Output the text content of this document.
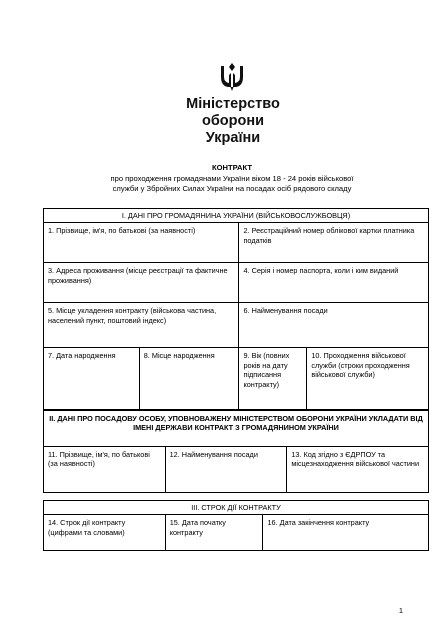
Міністерство
оборони
України
КОНТРАКТ
про проходження громадянами України віком 18 - 24 років військової
служби у Збройних Силах України на посадах осіб рядового складу
І. ДАНІ ПРО ГРОМАДЯНИНА УКРАЇНИ (ВІЙСЬКОВОСЛУЖБОВЦЯ)			
1. Прізвище, ім'я, по батькові (за наявності)		2. Реєстраційний номер облікової картки платника податків	
3. Адреса проживання (місце реєстрації та фактичне проживання)		4. Серія і номер паспорта, коли і ким виданий	
5. Місце укладення контракту (військова частина, населений пункт, поштовий індекс)		6. Найменування посади	
7. Дата народження	8. Місце народження	9. Вік (повних років на дату підписання контракту)	10. Проходження військової служби (строки проходження військової служби)
ІІ. ДАНІ ПРО ПОСАДОВУ ОСОБУ, УПОВНОВАЖЕНУ МІНІСТЕРСТВОМ ОБОРОНИ УКРАЇНИ УКЛАДАТИ ВІД ІМЕНІ ДЕРЖАВИ КОНТРАКТ З ГРОМАДЯНИНОМ УКРАЇНИ
11. Прізвище, ім'я, по батькові (за наявності)	12. Найменування посади	13. Код згідно з ЄДРПОУ та місцезнаходження військової частини
ІІІ. СТРОК ДІЇ КОНТРАКТУ
14. Строк дії контракту (цифрами та словами)	15. Дата початку контракту	16. Дата закінчення контракту
1
